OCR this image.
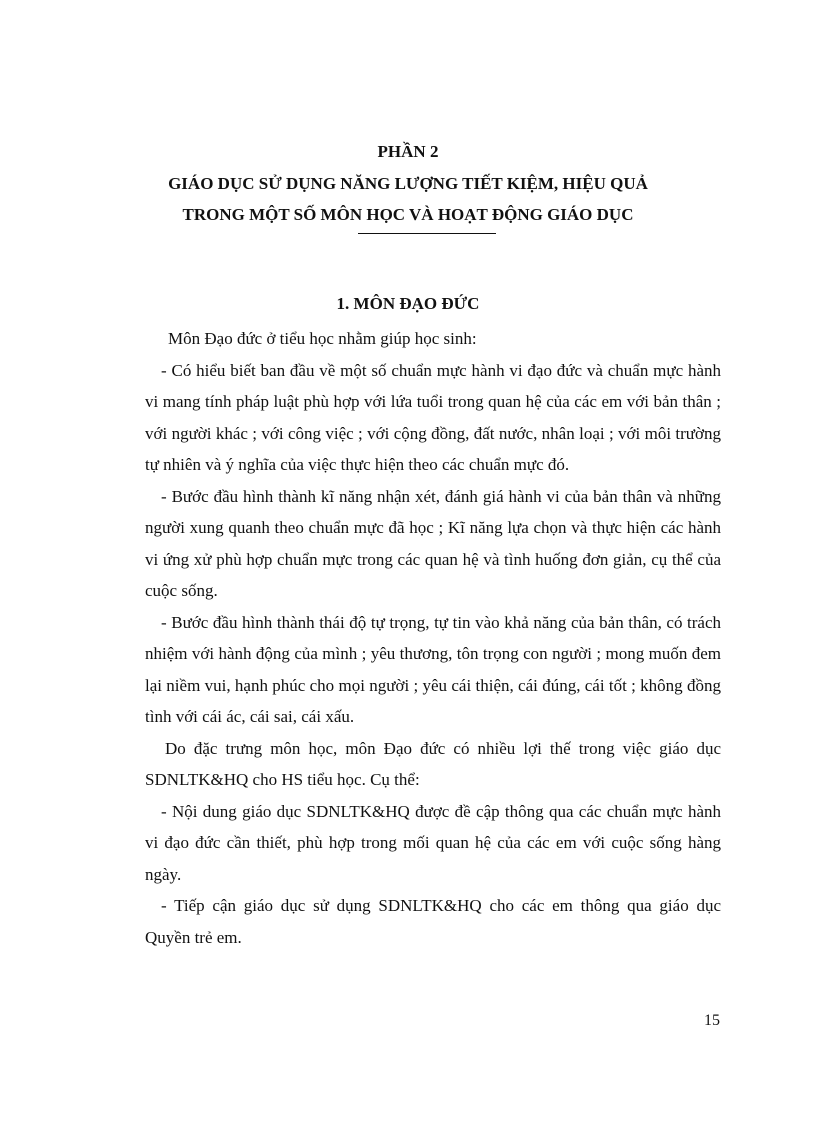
PHẦN 2
GIÁO DỤC SỬ DỤNG NĂNG LƯỢNG TIẾT KIỆM, HIỆU QUẢ
TRONG MỘT SỐ MÔN HỌC VÀ HOẠT ĐỘNG GIÁO DỤC
1. MÔN ĐẠO ĐỨC

Môn Đạo đức ở tiểu học nhằm giúp học sinh:

- Có hiểu biết ban đầu về một số chuẩn mực hành vi đạo đức và chuẩn mực hành vi mang tính pháp luật phù hợp với lứa tuổi trong quan hệ của các em với bản thân ; với người khác ; với công việc ; với cộng đồng, đất nước, nhân loại ; với môi trường tự nhiên và ý nghĩa của việc thực hiện theo các chuẩn mực đó.

- Bước đầu hình thành kĩ năng nhận xét, đánh giá hành vi của bản thân và những người xung quanh theo chuẩn mực đã học ; Kĩ năng lựa chọn và thực hiện các hành vi ứng xử phù hợp chuẩn mực trong các quan hệ và tình huống đơn giản, cụ thể của cuộc sống.

- Bước đầu hình thành thái độ tự trọng, tự tin vào khả năng của bản thân, có trách nhiệm với hành động của mình ; yêu thương, tôn trọng con người ; mong muốn đem lại niềm vui, hạnh phúc cho mọi người ; yêu cái thiện, cái đúng, cái tốt ; không đồng tình với cái ác, cái sai, cái xấu.

Do đặc trưng môn học, môn Đạo đức có nhiều lợi thế trong việc giáo dục SDNLTK&HQ cho HS tiểu học. Cụ thể:

- Nội dung giáo dục SDNLTK&HQ được đề cập thông qua các chuẩn mực hành vi đạo đức cần thiết, phù hợp trong mối quan hệ của các em với cuộc sống hàng ngày.

- Tiếp cận giáo dục sử dụng SDNLTK&HQ cho các em thông qua giáo dục Quyền trẻ em.

15
